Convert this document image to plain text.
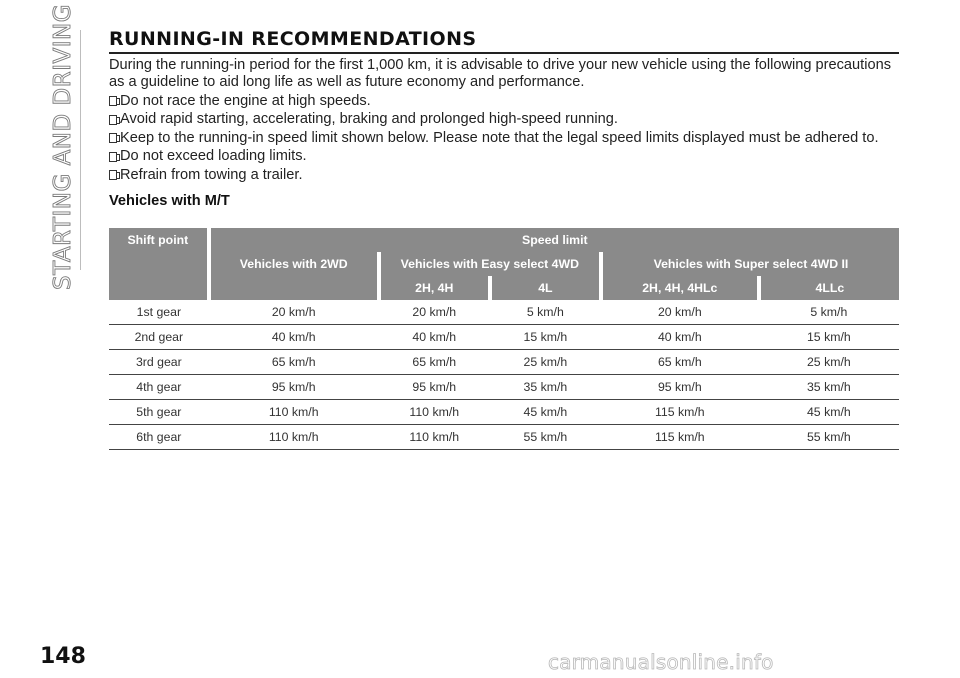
STARTING AND DRIVING RUNNING-IN RECOMMENDATIONS

During the running-in period for the first 1,000 km, it is advisable to drive your new vehicle using the following precautions as a guideline to aid long life as well as future economy and performance.

Do not race the engine at high speeds.
Avoid rapid starting, accelerating, braking and prolonged high-speed running.
Keep to the running-in speed limit shown below. Please note that the legal speed limits displayed must be adhered to.
Do not exceed loading limits.
Refrain from towing a trailer.

Vehicles with M/T

Shift point	Speed limit				
	Vehicles with 2WD	Vehicles with Easy select 4WD		Vehicles with Super select 4WD II	
		2H, 4H	4L	2H, 4H, 4HLc	4LLc
1st gear	20 km/h	20 km/h	5 km/h	20 km/h	5 km/h
2nd gear	40 km/h	40 km/h	15 km/h	40 km/h	15 km/h
3rd gear	65 km/h	65 km/h	25 km/h	65 km/h	25 km/h
4th gear	95 km/h	95 km/h	35 km/h	95 km/h	35 km/h
5th gear	110 km/h	110 km/h	45 km/h	115 km/h	45 km/h
6th gear	110 km/h	110 km/h	55 km/h	115 km/h	55 km/h
148	carmanualsonline.info
